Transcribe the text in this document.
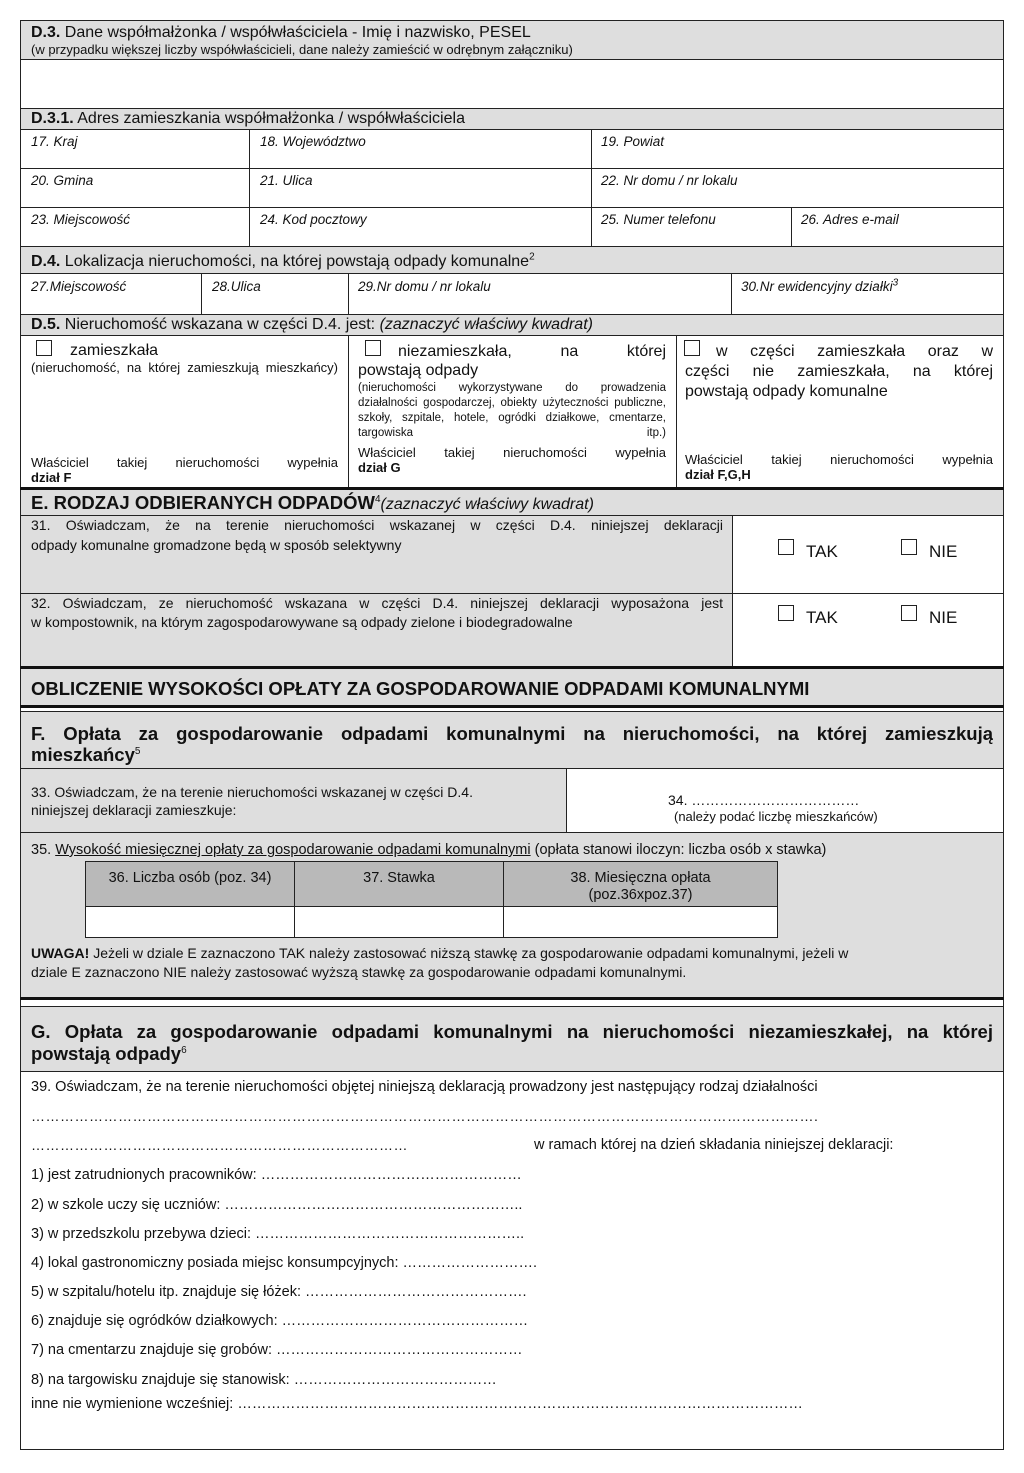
D.3. Dane współmałżonka / współwłaściciela - Imię i nazwisko, PESEL
(w przypadku większej liczby współwłaścicieli, dane należy zamieścić w odrębnym załączniku)
D.3.1. Adres zamieszkania współmałżonka / współwłaściciela
17. Kraj	18. Województwo	19. Powiat
20. Gmina	21. Ulica	22. Nr domu / nr lokalu
23. Miejscowość	24. Kod pocztowy	25. Numer telefonu	26. Adres e-mail
D.4. Lokalizacja nieruchomości, na której powstają odpady komunalne$^2$
27.Miejscowość	28.Ulica	29.Nr domu / nr lokalu	30.Nr ewidencyjny działki$^3$
D.5. Nieruchomość wskazana w części D.4. jest: (zaznaczyć właściwy kwadrat)
zamieszkała
(nieruchomość, na której zamieszkują mieszkańcy)
Właściciel takiej nieruchomości wypełnia
dział F
niezamieszkała, na której
powstają odpady
(nieruchomości wykorzystywane do prowadzenia działalności gospodarczej, obiekty użyteczności publiczne, szkoły, szpitale, hotele, ogródki działkowe, cmentarze, targowiska itp.)
Właściciel takiej nieruchomości wypełnia
dział G
w części zamieszkała oraz w
części nie zamieszkała, na której
powstają odpady komunalne
Właściciel takiej nieruchomości wypełnia
dział F,G,H
E. RODZAJ ODBIERANYCH ODPADÓW$^4$(zaznaczyć właściwy kwadrat)
31. Oświadczam, że na terenie nieruchomości wskazanej w części D.4. niniejszej deklaracji
odpady komunalne gromadzone będą w sposób selektywny	TAK	NIE
32. Oświadczam, ze nieruchomość wskazana w części D.4. niniejszej deklaracji wyposażona jest
w kompostownik, na którym zagospodarowywane są odpady zielone i biodegradowalne	TAK	NIE
OBLICZENIE WYSOKOŚCI OPŁATY ZA GOSPODAROWANIE ODPADAMI KOMUNALNYMI
F. Opłata za gospodarowanie odpadami komunalnymi na nieruchomości, na której zamieszkują
mieszkańcy$^5$
33. Oświadczam, że na terenie nieruchomości wskazanej w części D.4.
niniejszej deklaracji zamieszkuje:
34. ………………………………
(należy podać liczbę mieszkańców)
35. Wysokość miesięcznej opłaty za gospodarowanie odpadami komunalnymi (opłata stanowi iloczyn: liczba osób x stawka)
36. Liczba osób (poz. 34)	37. Stawka	38. Miesięczna opłata
(poz.36xpoz.37)
UWAGA! Jeżeli w dziale E zaznaczono TAK należy zastosować niższą stawkę za gospodarowanie odpadami komunalnymi, jeżeli w
dziale E zaznaczono NIE należy zastosować wyższą stawkę za gospodarowanie odpadami komunalnymi.
G. Opłata za gospodarowanie odpadami komunalnymi na nieruchomości niezamieszkałej, na której
powstają odpady$^6$
39. Oświadczam, że na terenie nieruchomości objętej niniejszą deklaracją prowadzony jest następujący rodzaj działalności
……………………………………………………………………………………………………………………………………………….
……………………………………………………………………	w ramach której na dzień składania niniejszej deklaracji:
1) jest zatrudnionych pracowników: ………………………………………………
2) w szkole uczy się uczniów: ……………………………………………………..
3) w przedszkolu przebywa dzieci: ………………………………………………..
4) lokal gastronomiczny posiada miejsc konsumpcyjnych: ……………………….
5) w szpitalu/hotelu itp. znajduje się łóżek: ……………………………………….
6) znajduje się ogródków działkowych: ……………………………………………
7) na cmentarzu znajduje się grobów: ……………………………………………
8) na targowisku znajduje się stanowisk: ……………………………………
inne nie wymienione wcześniej: ………………………………………………………………………………………………………
